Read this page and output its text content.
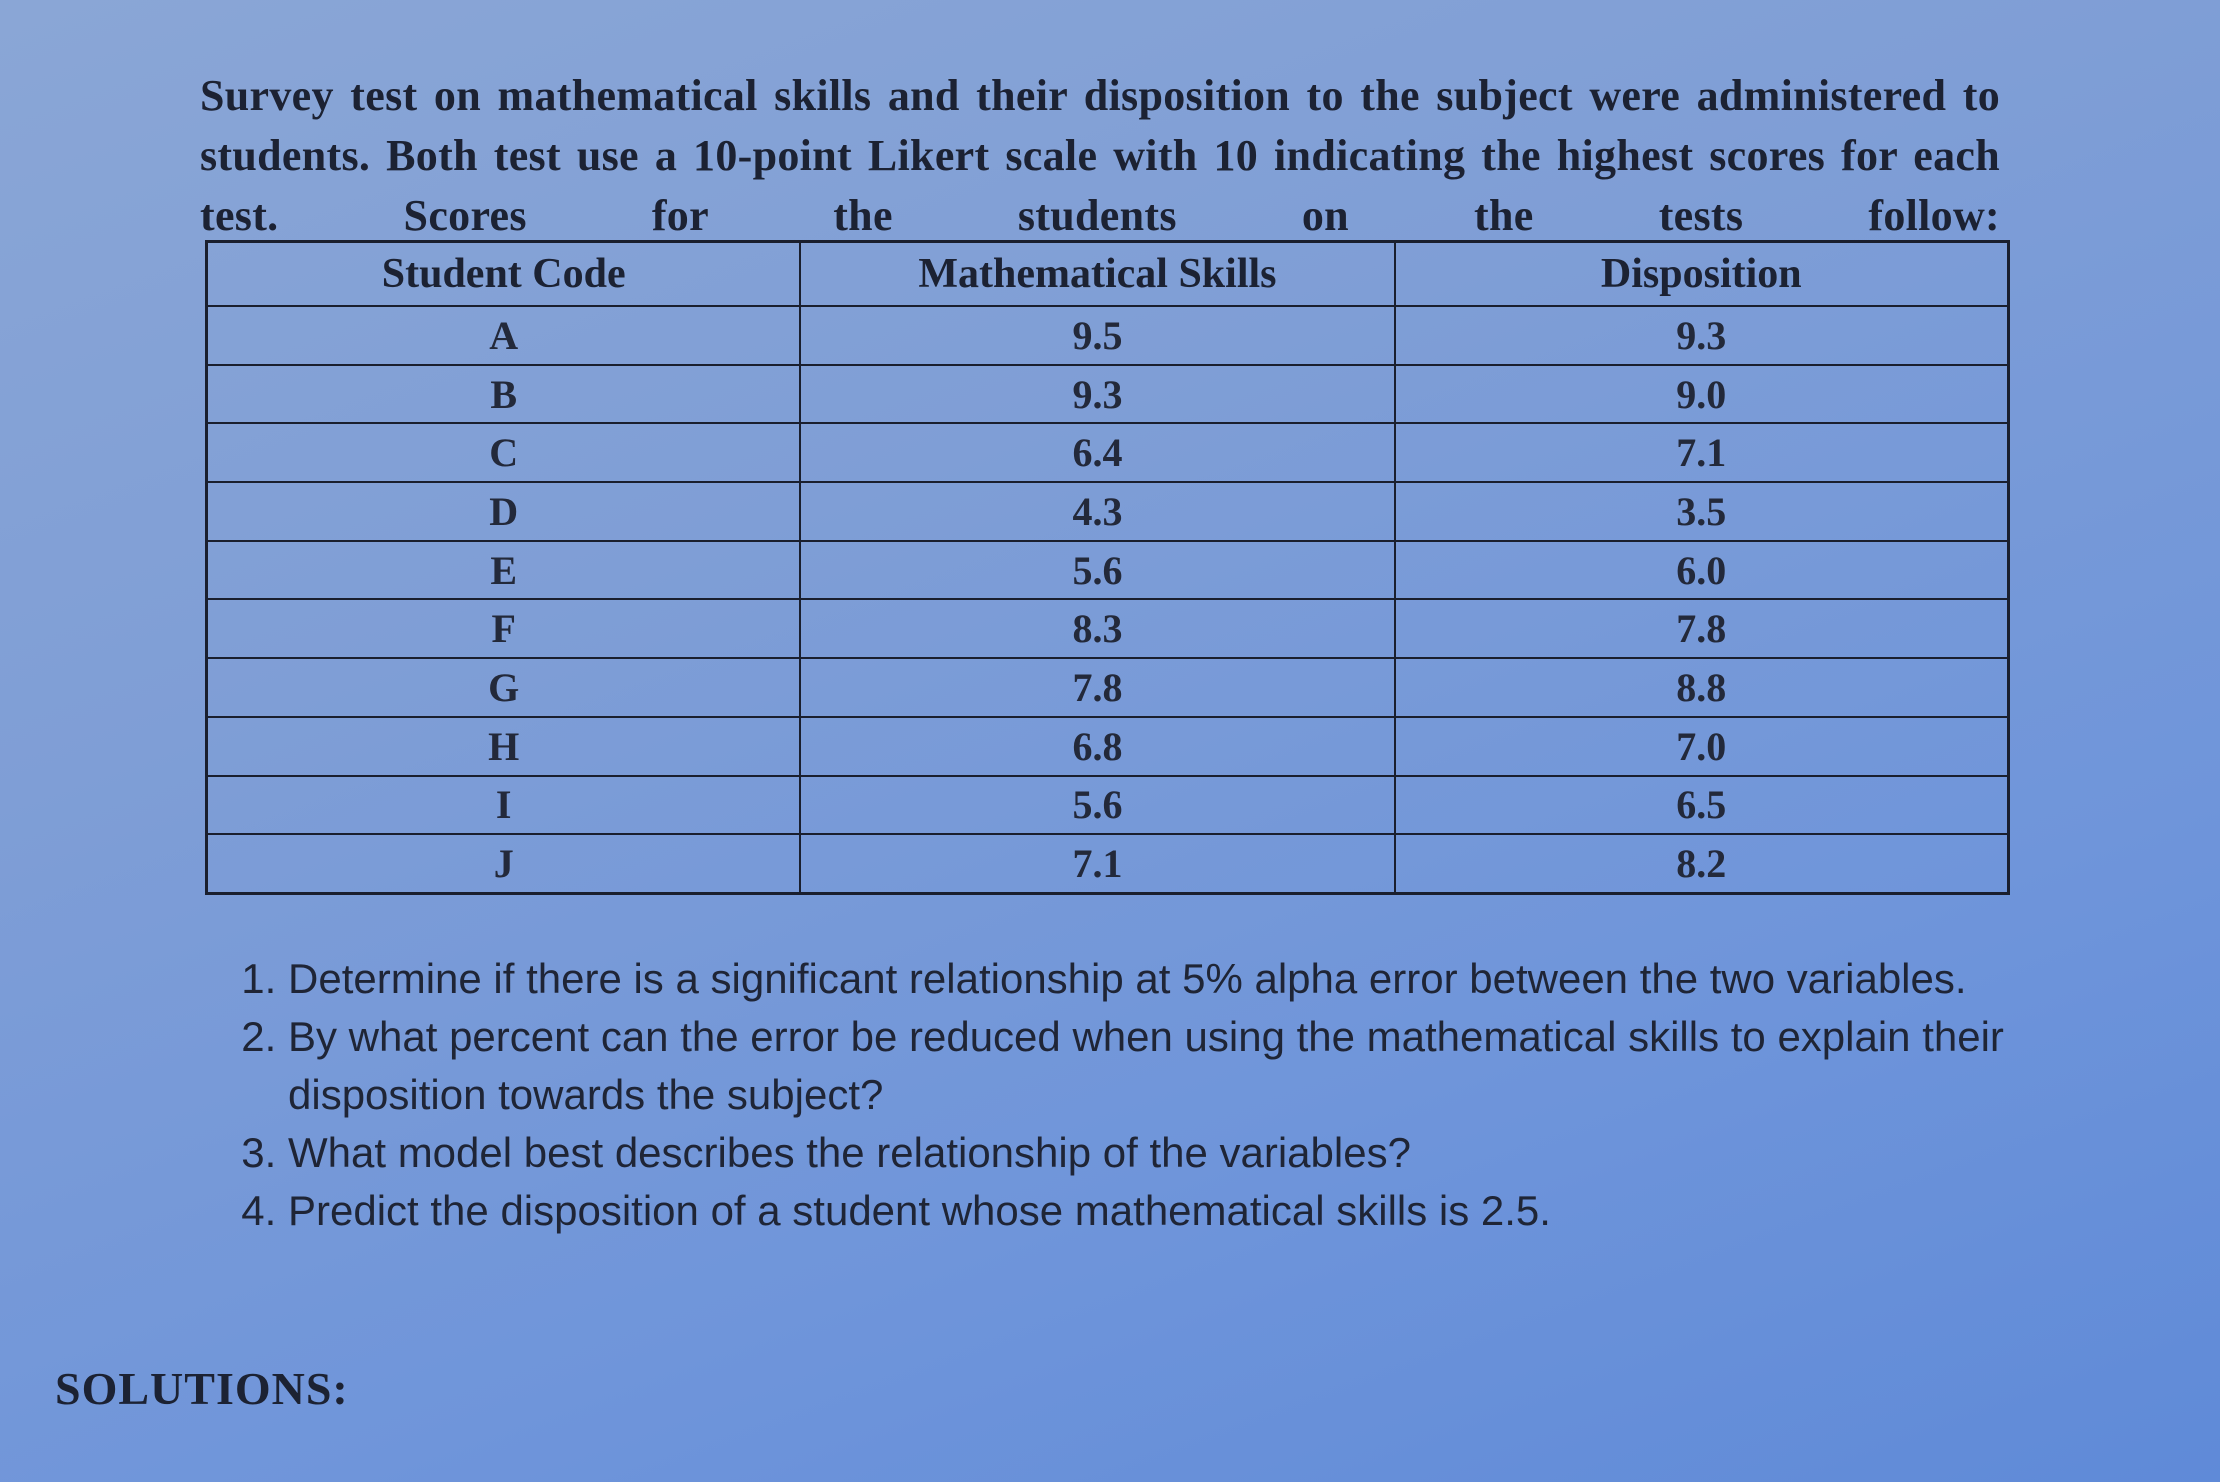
Survey test on mathematical skills and their disposition to the subject were administered to students. Both test use a 10-point Likert scale with 10 indicating the highest scores for each test. Scores for the students on the tests follow:

Student Code	Mathematical Skills	Disposition
A	9.5	9.3
B	9.3	9.0
C	6.4	7.1
D	4.3	3.5
E	5.6	6.0
F	8.3	7.8
G	7.8	8.8
H	6.8	7.0
I	5.6	6.5
J	7.1	8.2
1. Determine if there is a significant relationship at 5% alpha error between the two variables.
2. By what percent can the error be reduced when using the mathematical skills to explain their disposition towards the subject?
3. What model best describes the relationship of the variables?
4. Predict the disposition of a student whose mathematical skills is 2.5.
SOLUTIONS:
